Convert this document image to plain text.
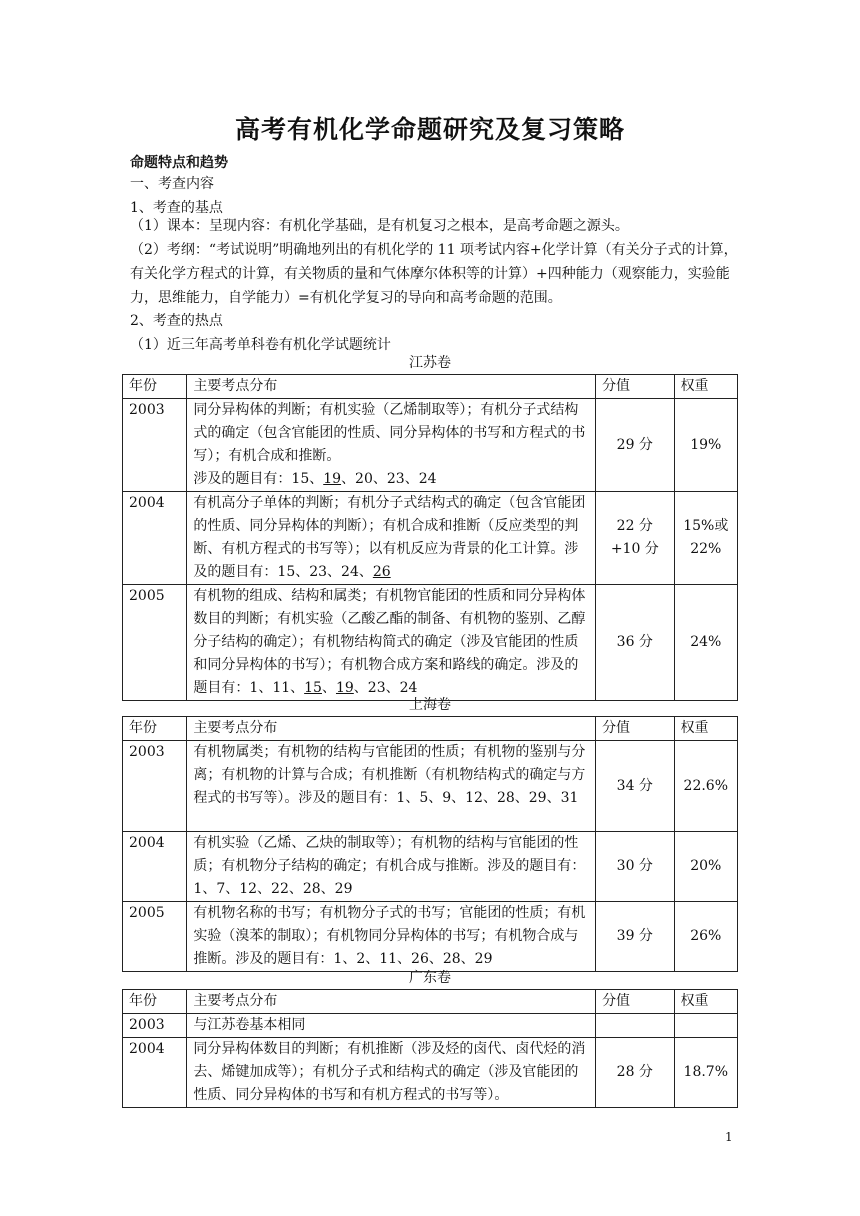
高考有机化学命题研究及复习策略
命题特点和趋势
一、考查内容
1、考查的基点
（1）课本：呈现内容：有机化学基础，是有机复习之根本，是高考命题之源头。
（2）考纲：“考试说明”明确地列出的有机化学的 11 项考试内容+化学计算（有关分子式的计算，有关化学方程式的计算，有关物质的量和气体摩尔体积等的计算）+四种能力（观察能力，实验能力，思维能力，自学能力）=有机化学复习的导向和高考命题的范围。
2、考查的热点
（1）近三年高考单科卷有机化学试题统计
江苏卷
年份	主要考点分布	分值	权重
2003	同分异构体的判断；有机实验（乙烯制取等）；有机分子式结构式的确定（包含官能团的性质、同分异构体的书写和方程式的书写）；有机合成和推断。
涉及的题目有：15、19、20、23、24	29 分	19%
2004	有机高分子单体的判断；有机分子式结构式的确定（包含官能团的性质、同分异构体的判断）；有机合成和推断（反应类型的判断、有机方程式的书写等）；以有机反应为背景的化工计算。涉及的题目有：15、23、24、26	22 分+10 分	15%或 22%
2005	有机物的组成、结构和属类；有机物官能团的性质和同分异构体数目的判断；有机实验（乙酸乙酯的制备、有机物的鉴别、乙醇分子结构的确定）；有机物结构简式的确定（涉及官能团的性质和同分异构体的书写）；有机物合成方案和路线的确定。涉及的题目有：1、11、15、19、23、24	36 分	24%
上海卷
年份	主要考点分布	分值	权重
2003	有机物属类；有机物的结构与官能团的性质；有机物的鉴别与分离；有机物的计算与合成；有机推断（有机物结构式的确定与方程式的书写等）。涉及的题目有：1、5、9、12、28、29、31	34 分	22.6%
2004	有机实验（乙烯、乙炔的制取等）；有机物的结构与官能团的性质；有机物分子结构的确定；有机合成与推断。涉及的题目有：1、7、12、22、28、29	30 分	20%
2005	有机物名称的书写；有机物分子式的书写；官能团的性质；有机实验（溴苯的制取）；有机物同分异构体的书写；有机物合成与推断。涉及的题目有：1、2、11、26、28、29	39 分	26%
广东卷
年份	主要考点分布	分值	权重
2003	与江苏卷基本相同		
2004	同分异构体数目的判断；有机推断（涉及烃的卤代、卤代烃的消去、烯键加成等）；有机分子式和结构式的确定（涉及官能团的性质、同分异构体的书写和有机方程式的书写等）。	28 分	18.7%
1
